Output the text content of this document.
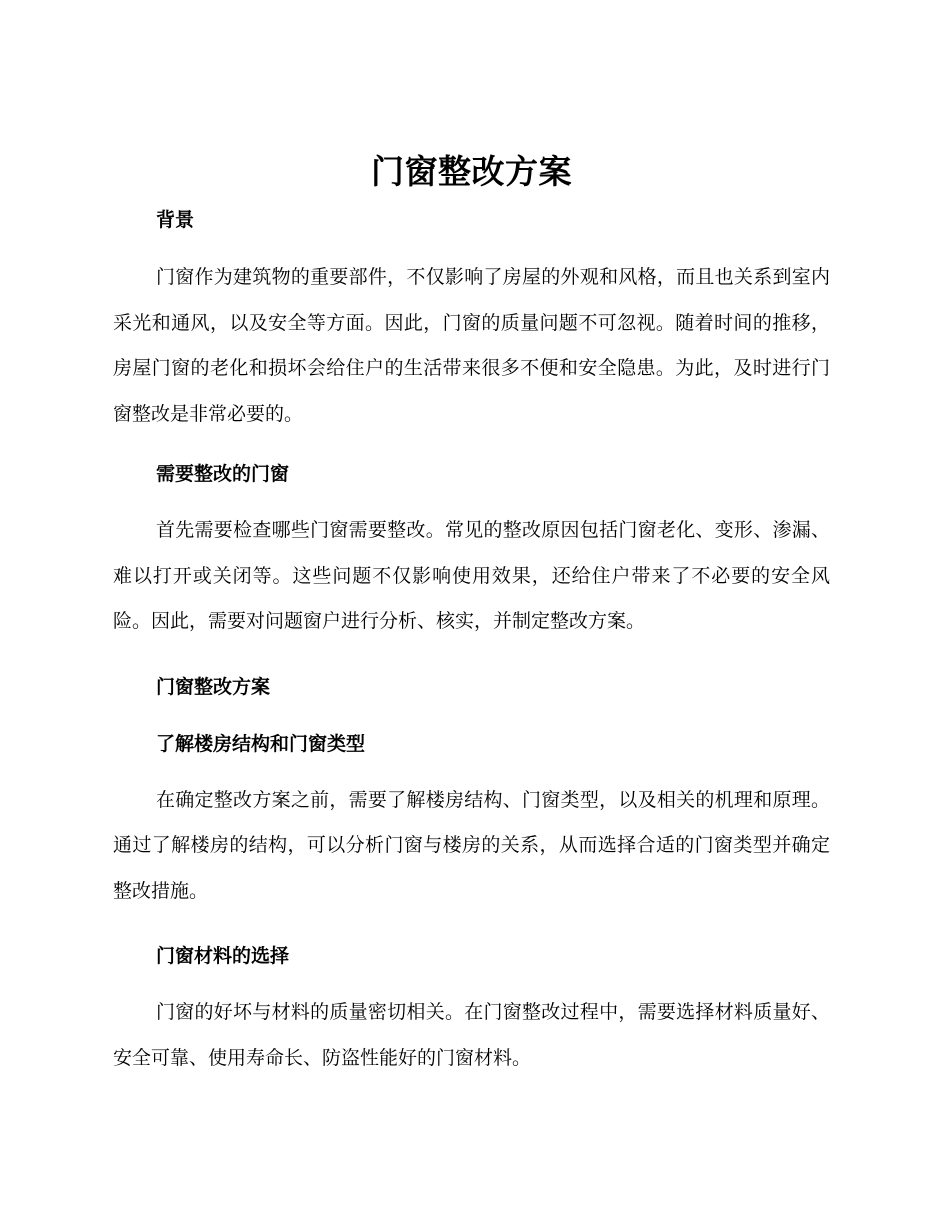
门窗整改方案
背景

门窗作为建筑物的重要部件，不仅影响了房屋的外观和风格，而且也关系到室内采光和通风，以及安全等方面。因此，门窗的质量问题不可忽视。随着时间的推移，房屋门窗的老化和损坏会给住户的生活带来很多不便和安全隐患。为此，及时进行门窗整改是非常必要的。

需要整改的门窗

首先需要检查哪些门窗需要整改。常见的整改原因包括门窗老化、变形、渗漏、难以打开或关闭等。这些问题不仅影响使用效果，还给住户带来了不必要的安全风险。因此，需要对问题窗户进行分析、核实，并制定整改方案。

门窗整改方案
了解楼房结构和门窗类型

在确定整改方案之前，需要了解楼房结构、门窗类型，以及相关的机理和原理。通过了解楼房的结构，可以分析门窗与楼房的关系，从而选择合适的门窗类型并确定整改措施。

门窗材料的选择

门窗的好坏与材料的质量密切相关。在门窗整改过程中，需要选择材料质量好、安全可靠、使用寿命长、防盗性能好的门窗材料。
